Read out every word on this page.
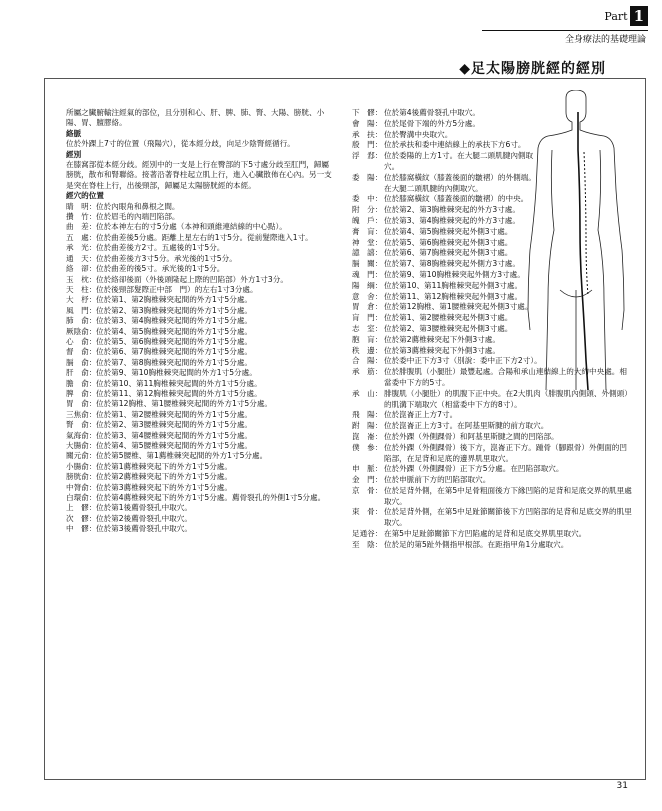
Part 1
全身療法的基礎理論
◆足太陽膀胱經的經別

所屬之臟腑輸注經氣的部位，且分別和心、肝、脾、肺、腎、大陽、膀胱、小陽、胃、膻膠絡。

絡脈

位於外踝上7寸的位置（飛陽穴），從本經分歧，向足少陰腎經循行。

經別

在膝窩部從本經分歧。經別中的一支是上行在臀部的下5寸處分歧至肛門，歸屬膀胱，散布和腎聯絡。接著沿著脊柱起立肌上行，進入心臟散佈在心內。另一支是突在脊柱上行，出後頸部，歸屬足太陽膀胱經的本經。

經穴的位置

睛　明： 位於內眼角和鼻根之間。
攢　竹： 位於眉毛的內端凹陷部。
曲　差： 位於本神左右的寸5分處（本神和頭維連結線的中心點）。
五　處： 位於曲差後5分處。距離上星左右的1寸5分。從前髮際進入1寸。
承　光： 位於曲差後方2寸。五處後的1寸5分。
通　天： 位於曲差後方3寸5分。承光後的1寸5分。
絡　卻： 位於曲差的後5寸。承光後的1寸5分。
玉　枕： 位於絡卻後面（外後頭隆起上際的凹陷部）外方1寸3分。
天　柱： 位於後頸部髮際正中部　門）的左右1寸3分處。
大　杼： 位於第1、第2胸椎棘突起間的外方1寸5分處。
風　門： 位於第2、第3胸椎棘突起間的外方1寸5分處。
肺　俞： 位於第3、第4胸椎棘突起間的外方1寸5分處。
厥陰俞： 位於第4、第5胸椎棘突起間的外方1寸5分處。
心　俞： 位於第5、第6胸椎棘突起間的外方1寸5分處。
督　俞： 位於第6、第7胸椎棘突起間的外方1寸5分處。
膈　俞： 位於第7、第8胸椎棘突起間的外方1寸5分處。
肝　俞： 位於第9、第10胸椎棘突起間的外方1寸5分處。
膽　俞： 位於第10、第11胸椎棘突起間的外方1寸5分處。
脾　俞： 位於第11、第12胸椎棘突起間的外方1寸5分處。
胃　俞： 位於第12胸椎、第1腰椎棘突起間的外方1寸5分處。
三焦俞： 位於第1、第2腰椎棘突起間的外方1寸5分處。
腎　俞： 位於第2、第3腰椎棘突起間的外方1寸5分處。
氣海俞： 位於第3、第4腰椎棘突起間的外方1寸5分處。
大腸俞： 位於第4、第5腰椎棘突起間的外方1寸5分處。
關元俞： 位於第5腰椎、第1薦椎棘突起間的外方1寸5分處。
小腸俞： 位於第1薦椎棘突起下的外方1寸5分處。
膀胱俞： 位於第2薦椎棘突起下的外方1寸5分處。
中膂俞： 位於第3薦椎棘突起下的外方1寸5分處。
白環俞： 位於第4薦椎棘突起下的外方1寸5分處。薦骨裂孔的外側1寸5分處。
上　髎： 位於第1後薦骨裂孔中取穴。
次　髎： 位於第2後薦骨裂孔中取穴。
中　髎： 位於第3後薦骨裂孔中取穴。
下　髎： 位於第4後薦骨裂孔中取穴。
會　陽： 位於尾骨下端的外方5分處。
承　扶： 位於臀溝中央取穴。
殷　門： 位於承扶和委中連結線上的承扶下方6寸。
浮　郄： 位於委陽的上方1寸。在大腿二頭肌腱內側取穴。
委　陽： 位於膝窩橫紋（膝蓋後面的皺褶）的外側端。在大腿二頭肌腱的內側取穴。
委　中： 位於膝窩橫紋（膝蓋後面的皺褶）的中央。
附　分： 位於第2、第3胸椎棘突起的外方3寸處。
魄　戶： 位於第3、第4胸椎棘突起的外方3寸處。
膏　肓： 位於第4、第5胸椎棘突起外側3寸處。
神　堂： 位於第5、第6胸椎棘突起外側3寸處。
譩　譆： 位於第6、第7胸椎棘突起外側3寸處。
膈　關： 位於第7、第8胸椎棘突起外側方3寸處。
魂　門： 位於第9、第10胸椎棘突起外側方3寸處。
陽　綱： 位於第10、第11胸椎棘突起外側3寸處。
意　舍： 位於第11、第12胸椎棘突起外側3寸處。
胃　倉： 位於第12胸椎、第1腰椎棘突起外側3寸處。
肓　門： 位於第1、第2腰椎棘突起外側3寸處。
志　室： 位於第2、第3腰椎棘突起外側3寸處。
胞　肓： 位於第2薦椎棘突起下外側3寸處。
秩　邊： 位於第3薦椎棘突起下外側3寸處。
合　陽： 位於委中正下方3寸（別說：委中正下方2寸）。
承　筋： 位於腓腹肌（小腿肚）最豐起處。合陽和承山連結線上的大約中央處。相當委中下方的5寸。
承　山： 腓腹肌（小腿肚）的肌腹下正中央。在2大肌肉（腓腹肌內側頭、外側頭）的肌溝下端取穴（相當委中下方的8寸）。
飛　陽： 位於崑崙正上方7寸。
跗　陽： 位於崑崙正上方3寸。在阿基里斯腱的前方取穴。
崑　崙： 位於外踝（外側踝骨）和阿基里斯腱之間的凹陷部。
僕　參： 位於外踝（外側踝骨）後下方，崑崙正下方。踵骨（腳跟骨）外側面的凹陷部，在足背和足底的邊界肌里取穴。
申　脈： 位於外踝（外側踝骨）正下方5分處。在凹陷部取穴。
金　門： 位於申脈前下方的凹陷部取穴。
京　骨： 位於足背外側，在第5中足骨粗面後方下緣凹陷的足背和足底交界的肌里處取穴。
束　骨： 位於足背外側，在第5中足趾節關節後下方凹陷部的足背和足底交界的肌里取穴。
足通谷： 在第5中足趾節關節下方凹陷處的足背和足底交界肌里取穴。
至　陰： 位於足的第5趾外側指甲根部。在距指甲角1分處取穴。
31
